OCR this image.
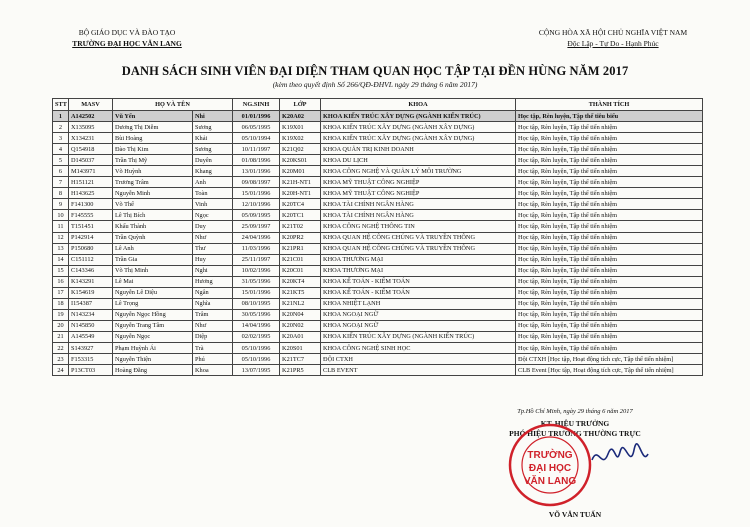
BỘ GIÁO DỤC VÀ ĐÀO TẠO
TRƯỜNG ĐẠI HỌC VĂN LANG
CỘNG HÒA XÃ HỘI CHỦ NGHĨA VIỆT NAM
Độc Lập - Tự Do - Hạnh Phúc
DANH SÁCH SINH VIÊN ĐẠI DIỆN THAM QUAN HỌC TẬP TẠI ĐỀN HÙNG NĂM 2017
(kèm theo quyết định Số 266/QĐ-ĐHVL ngày 29 tháng 6 năm 2017)
STT	MASV	HỌ VÀ TÊN		NG.SINH	LỚP	KHOA	THÀNH TÍCH
1	A142502	Vũ Yến	Nhi	01/01/1996	K20A02	KHOA KIẾN TRÚC XÂY DỰNG (NGÀNH KIẾN TRÚC)	Học tập, Rèn luyện, Tập thể tiêu biểu
2	X135095	Dương Thị Diễm	Sương	06/05/1995	K19X01	KHOA KIẾN TRÚC XÂY DỰNG (NGÀNH XÂY DỰNG)	Học tập, Rèn luyện, Tập thể tiến nhiệm
3	X134231	Bùi Hoàng	Khải	05/10/1994	K19X02	KHOA KIẾN TRÚC XÂY DỰNG (NGÀNH XÂY DỰNG)	Học tập, Rèn luyện, Tập thể tiến nhiệm
4	Q154918	Đào Thị Kim	Sương	10/11/1997	K21Q02	KHOA QUẢN TRỊ KINH DOANH	Học tập, Rèn luyện, Tập thể tiến nhiệm
5	D145037	Trần Thị Mỹ	Duyên	01/08/1996	K20KS01	KHOA DU LỊCH	Học tập, Rèn luyện, Tập thể tiến nhiệm
6	M143971	Võ Huỳnh	Khang	13/01/1996	K20M01	KHOA CÔNG NGHỆ VÀ QUẢN LÝ MÔI TRƯỜNG	Học tập, Rèn luyện, Tập thể tiến nhiệm
7	H151121	Trương Trâm	Anh	09/08/1997	K21H-NT1	KHOA MỸ THUẬT CÔNG NGHIỆP	Học tập, Rèn luyện, Tập thể tiến nhiệm
8	H143625	Nguyễn Minh	Toàn	15/01/1996	K20H-NT1	KHOA MỸ THUẬT CÔNG NGHIỆP	Học tập, Rèn luyện, Tập thể tiến nhiệm
9	F141300	Võ Thế	Vinh	12/10/1996	K20TC4	KHOA TÀI CHÍNH NGÂN HÀNG	Học tập, Rèn luyện, Tập thể tiến nhiệm
10	F145555	Lê Thị Bích	Ngọc	05/09/1995	K20TC1	KHOA TÀI CHÍNH NGÂN HÀNG	Học tập, Rèn luyện, Tập thể tiến nhiệm
11	T151451	Khấu Thành	Duy	25/09/1997	K21T02	KHOA CÔNG NGHỆ THÔNG TIN	Học tập, Rèn luyện, Tập thể tiến nhiệm
12	P142914	Trần Quỳnh	Như	24/04/1996	K20PR2	KHOA QUAN HỆ CÔNG CHÚNG VÀ TRUYỀN THÔNG	Học tập, Rèn luyện, Tập thể tiến nhiệm
13	P150680	Lê Anh	Thư	11/03/1996	K21PR1	KHOA QUAN HỆ CÔNG CHÚNG VÀ TRUYỀN THÔNG	Học tập, Rèn luyện, Tập thể tiến nhiệm
14	C151112	Trần Gia	Huy	25/11/1997	K21C01	KHOA THƯƠNG MẠI	Học tập, Rèn luyện, Tập thể tiến nhiệm
15	C143346	Võ Thị Minh	Nghi	10/02/1996	K20C01	KHOA THƯƠNG MẠI	Học tập, Rèn luyện, Tập thể tiến nhiệm
16	K143291	Lê Mai	Hương	31/05/1996	K20KT4	KHOA KẾ TOÁN - KIỂM TOÁN	Học tập, Rèn luyện, Tập thể tiến nhiệm
17	K154619	Nguyễn Lê Diệu	Ngân	15/01/1996	K21KT5	KHOA KẾ TOÁN - KIỂM TOÁN	Học tập, Rèn luyện, Tập thể tiến nhiệm
18	I154387	Lê Trọng	Nghĩa	08/10/1995	K21NL2	KHOA NHIỆT LẠNH	Học tập, Rèn luyện, Tập thể tiến nhiệm
19	N143234	Nguyễn Ngọc Hồng	Trâm	30/05/1996	K20N04	KHOA NGOẠI NGỮ	Học tập, Rèn luyện, Tập thể tiến nhiệm
20	N145850	Nguyễn Trang Tâm	Như	14/04/1996	K20N02	KHOA NGOẠI NGỮ	Học tập, Rèn luyện, Tập thể tiến nhiệm
21	A145549	Nguyễn Ngọc	Diệp	02/02/1995	K20A01	KHOA KIẾN TRÚC XÂY DỰNG (NGÀNH KIẾN TRÚC)	Học tập, Rèn luyện, Tập thể tiến nhiệm
22	S143927	Phạm Huỳnh Ái	Trà	05/10/1996	K20S01	KHOA CÔNG NGHỆ SINH HỌC	Học tập, Rèn luyện, Tập thể tiến nhiệm
23	F153315	Nguyễn Thiện	Phú	05/10/1996	K21TC7	ĐỘI CTXH	Đội CTXH [Học tập, Hoạt động tích cực, Tập thể tiến nhiệm]
24	P13CT03	Hoàng Đăng	Khoa	13/07/1995	K21PR5	CLB EVENT	CLB Event [Học tập, Hoạt động tích cực, Tập thể tiến nhiệm]
Tp.Hồ Chí Minh, ngày 29 tháng 6 năm 2017
KT. HIỆU TRƯỞNG
PHÓ HIỆU TRƯỞNG THƯỜNG TRỰC
TRƯỜNG
ĐẠI HỌC
VĂN LANG
VÕ VĂN TUẤN
